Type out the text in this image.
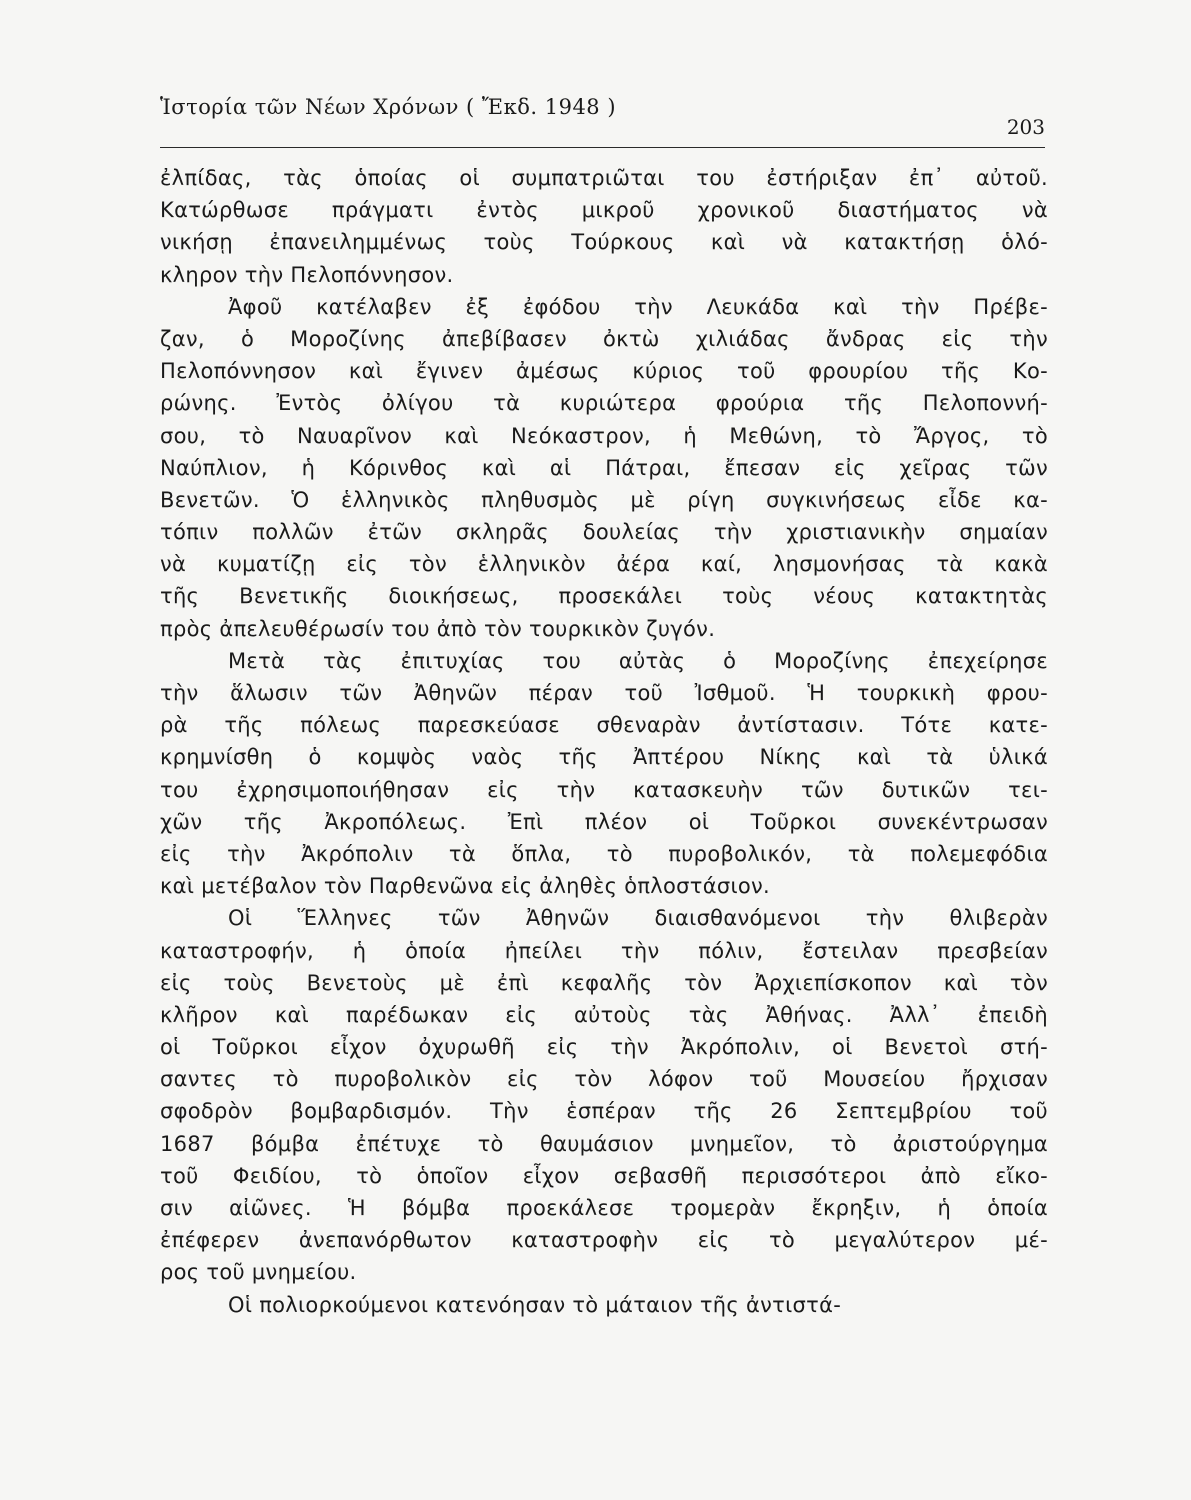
Ἱστορία τῶν Νέων Χρόνων ( Ἔκδ. 1948 )
203
ἐλπίδας, τὰς ὁποίας οἱ συμπατριῶται του ἐστήριξαν ἐπ᾽ αὐτοῦ.
Κατώρθωσε πράγματι ἐντὸς μικροῦ χρονικοῦ διαστήματος νὰ
νικήσῃ ἐπανειλημμένως τοὺς Τούρκους καὶ νὰ κατακτήσῃ ὁλό-
κληρον τὴν Πελοπόννησον.
Ἀφοῦ κατέλαβεν ἐξ ἐφόδου τὴν Λευκάδα καὶ τὴν Πρέβε-
ζαν, ὁ Μοροζίνης ἀπεβίβασεν ὀκτὼ χιλιάδας ἄνδρας εἰς τὴν
Πελοπόννησον καὶ ἔγινεν ἀμέσως κύριος τοῦ φρουρίου τῆς Κο-
ρώνης. Ἐντὸς ὀλίγου τὰ κυριώτερα φρούρια τῆς Πελοποννή-
σου, τὸ Ναυαρῖνον καὶ Νεόκαστρον, ἡ Μεθώνη, τὸ Ἄργος, τὸ
Ναύπλιον, ἡ Κόρινθος καὶ αἱ Πάτραι, ἔπεσαν εἰς χεῖρας τῶν
Βενετῶν. Ὁ ἑλληνικὸς πληθυσμὸς μὲ ρίγη συγκινήσεως εἶδε κα-
τόπιν πολλῶν ἐτῶν σκληρᾶς δουλείας τὴν χριστιανικὴν σημαίαν
νὰ κυματίζῃ εἰς τὸν ἑλληνικὸν ἀέρα καί, λησμονήσας τὰ κακὰ
τῆς Βενετικῆς διοικήσεως, προσεκάλει τοὺς νέους κατακτητὰς
πρὸς ἀπελευθέρωσίν του ἀπὸ τὸν τουρκικὸν ζυγόν.
Μετὰ τὰς ἐπιτυχίας του αὐτὰς ὁ Μοροζίνης ἐπεχείρησε
τὴν ἅλωσιν τῶν Ἀθηνῶν πέραν τοῦ Ἰσθμοῦ. Ἡ τουρκικὴ φρου-
ρὰ τῆς πόλεως παρεσκεύασε σθεναρὰν ἀντίστασιν. Τότε κατε-
κρημνίσθη ὁ κομψὸς ναὸς τῆς Ἀπτέρου Νίκης καὶ τὰ ὑλικά
του ἐχρησιμοποιήθησαν εἰς τὴν κατασκευὴν τῶν δυτικῶν τει-
χῶν τῆς Ἀκροπόλεως. Ἐπὶ πλέον οἱ Τοῦρκοι συνεκέντρωσαν
εἰς τὴν Ἀκρόπολιν τὰ ὅπλα, τὸ πυροβολικόν, τὰ πολεμεφόδια
καὶ μετέβαλον τὸν Παρθενῶνα εἰς ἀληθὲς ὁπλοστάσιον.
Οἱ Ἕλληνες τῶν Ἀθηνῶν διαισθανόμενοι τὴν θλιβερὰν
καταστροφήν, ἡ ὁποία ἠπείλει τὴν πόλιν, ἔστειλαν πρεσβείαν
εἰς τοὺς Βενετοὺς μὲ ἐπὶ κεφαλῆς τὸν Ἀρχιεπίσκοπον καὶ τὸν
κλῆρον καὶ παρέδωκαν εἰς αὐτοὺς τὰς Ἀθήνας. Ἀλλ᾽ ἐπειδὴ
οἱ Τοῦρκοι εἶχον ὀχυρωθῆ εἰς τὴν Ἀκρόπολιν, οἱ Βενετοὶ στή-
σαντες τὸ πυροβολικὸν εἰς τὸν λόφον τοῦ Μουσείου ἤρχισαν
σφοδρὸν βομβαρδισμόν. Τὴν ἑσπέραν τῆς 26 Σεπτεμβρίου τοῦ
1687 βόμβα ἐπέτυχε τὸ θαυμάσιον μνημεῖον, τὸ ἀριστούργημα
τοῦ Φειδίου, τὸ ὁποῖον εἶχον σεβασθῆ περισσότεροι ἀπὸ εἴκο-
σιν αἰῶνες. Ἡ βόμβα προεκάλεσε τρομερὰν ἔκρηξιν, ἡ ὁποία
ἐπέφερεν ἀνεπανόρθωτον καταστροφὴν εἰς τὸ μεγαλύτερον μέ-
ρος τοῦ μνημείου.
Οἱ πολιορκούμενοι κατενόησαν τὸ μάταιον τῆς ἀντιστά-
